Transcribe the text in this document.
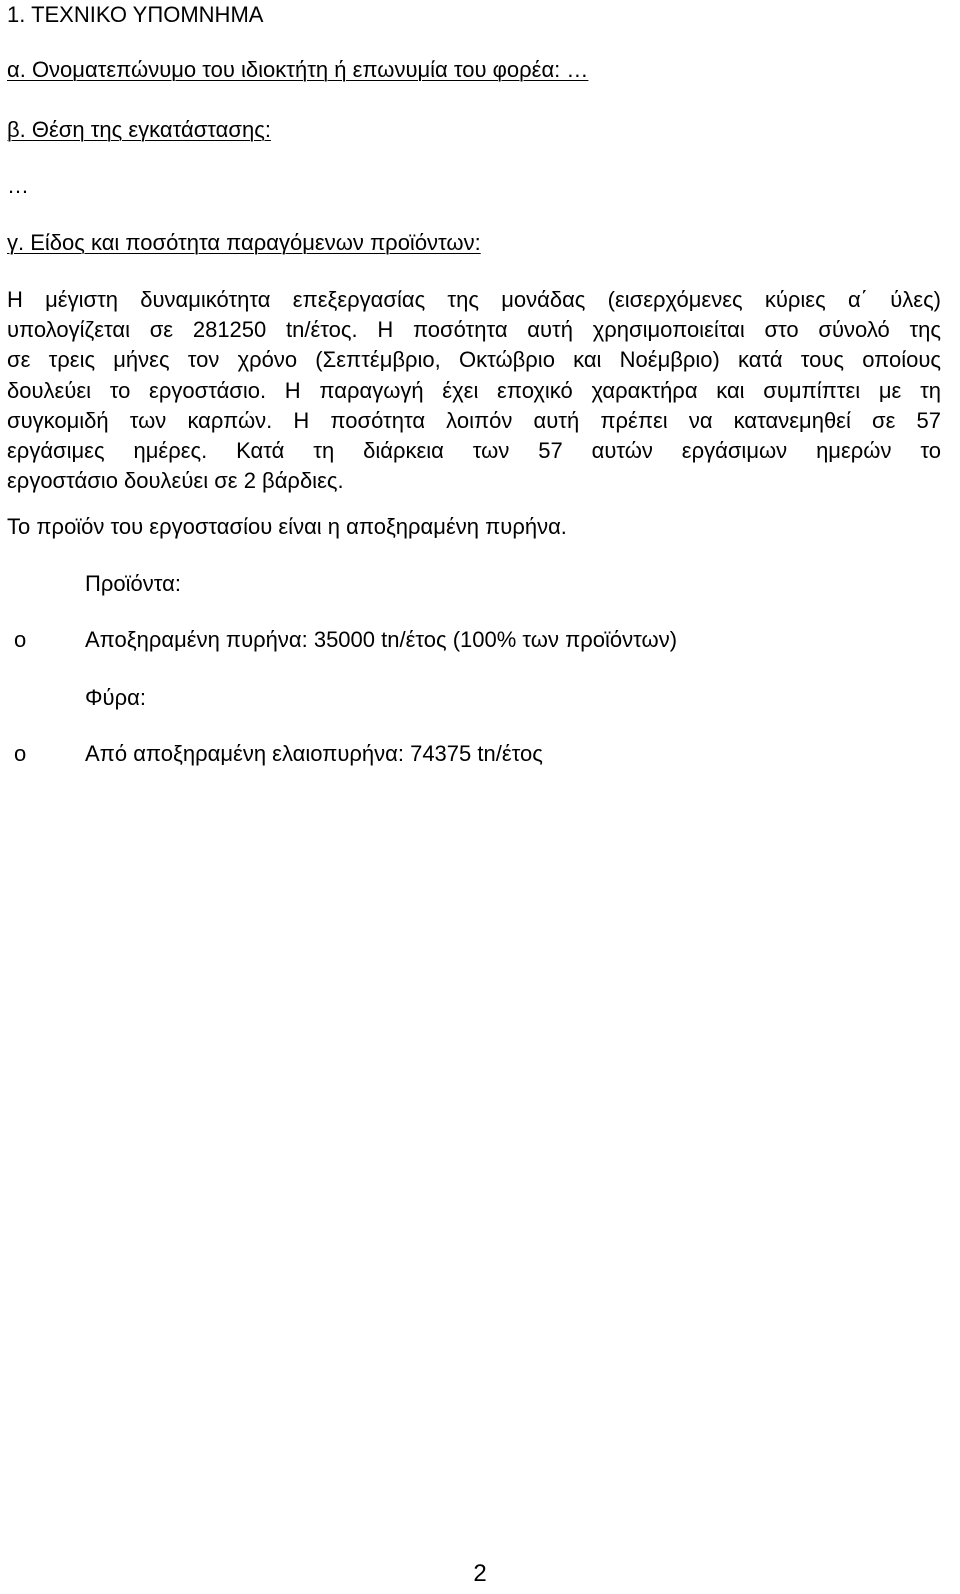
1. ΤΕΧΝΙΚΟ ΥΠΟΜΝΗΜΑ
α. Ονοματεπώνυμο του ιδιοκτήτη ή επωνυμία του φορέα: …
β. Θέση της εγκατάστασης:
…
γ. Είδος και ποσότητα παραγόμενων προϊόντων:
Η μέγιστη δυναμικότητα επεξεργασίας της μονάδας (εισερχόμενες κύριες α΄ ύλες)
υπολογίζεται σε 281250 tn/έτος. Η ποσότητα αυτή χρησιμοποιείται στο σύνολό της
σε τρεις μήνες τον χρόνο (Σεπτέμβριο, Οκτώβριο και Νοέμβριο) κατά τους οποίους
δουλεύει το εργοστάσιο. Η παραγωγή έχει εποχικό χαρακτήρα και συμπίπτει με τη
συγκομιδή των καρπών. Η ποσότητα λοιπόν αυτή πρέπει να κατανεμηθεί σε 57
εργάσιμες ημέρες. Κατά τη διάρκεια των 57 αυτών εργάσιμων ημερών το
εργοστάσιο δουλεύει σε 2 βάρδιες.
Το προϊόν του εργοστασίου είναι η αποξηραμένη πυρήνα.
Προϊόντα:
o	Αποξηραμένη πυρήνα: 35000 tn/έτος (100% των προϊόντων)
Φύρα:
o	Από αποξηραμένη ελαιοπυρήνα: 74375 tn/έτος
2
